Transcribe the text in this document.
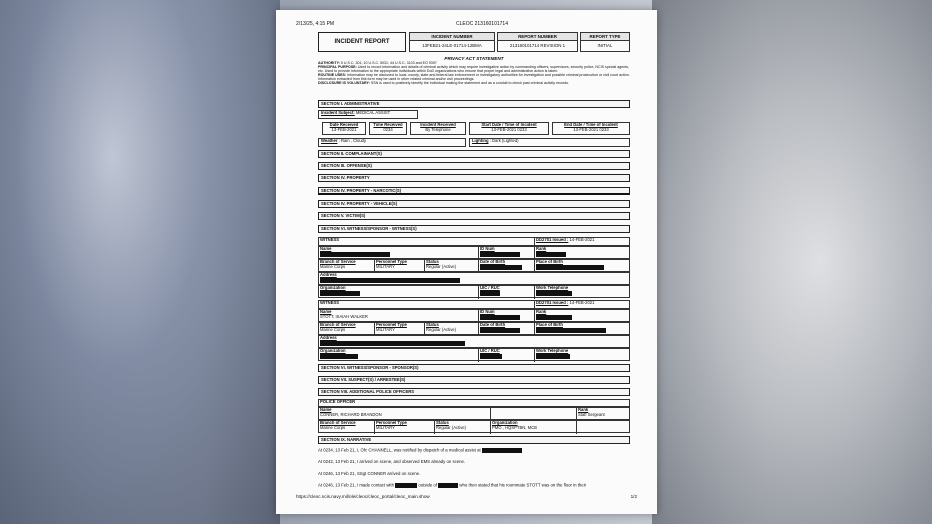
2/13/25, 4:15 PM	CLEOC 213160101714
INCIDENT REPORT
INCIDENT NUMBER
13FEB21-24LE-01714-12BMA
REPORT NUMBER
213160101714 REVISION 1
REPORT TYPE
INITIAL
PRIVACY ACT STATEMENT
AUTHORITY: 5 U.S.C. 301; 10 U.S.C. 5031; 44 U.S.C. 3103 and EO 9397
PRINCIPAL PURPOSE: Used to record information and details of criminal activity which may require investigative action by commanding officers, supervisors, security police, NCIS special agents, etc. Used to provide information to the appropriate individuals within DoD organizations who ensure that proper legal and administrative action is taken.
ROUTINE USES: Information may be disclosed to local, county, state and federal law enforcement or investigatory authorities for investigation and possible criminal prosecution or civil court action. Information extracted from this form may be used in other related criminal and/or civil proceedings.
DISCLOSURE IS VOLUNTARY: SSN is used to positively identify the individual making the statement and as a conduit to check past criminal activity records.
SECTION I. ADMINISTRATIVE
Incident Subject: MEDICAL ASSIST
Date Received
13-FEB-2021
Time Received
0234
Incident Received
By Telephone
Start Date / Time of Incident
13-FEB-2021 0233
End Date / Time of Incident
13-FEB-2021 0233
Weather : Rain , Cloudy	Lighting : Dark (Lighted)
SECTION II. COMPLAINANT(S)
SECTION III. OFFENSE(S)
SECTION IV. PROPERTY
SECTION IV. PROPERTY - NARCOTIC(S)
SECTION IV. PROPERTY - VEHICLE(S)
SECTION V. VICTIM(S)
SECTION VI. WITNESS/SPONSOR - WITNESS(S)
WITNESS	DD2701 Issued : 14-FEB-2021
Name	ID Num	Rank
Branch of Service
Marine Corps
Personnel Type
MILITARY
Status
Regular (Active)
Date of Birth	Place of Birth
Address
Organization	UIC / RUC	Work Telephone
WITNESS	DD2701 Issued : 14-FEB-2021
Name
STOTT, ISAIAH WALKER
ID Num	Rank
Branch of Service
Marine Corps
Personnel Type
MILITARY
Status
Regular (Active)
Date of Birth	Place of Birth
Address
Organization	UIC / RUC	Work Telephone
SECTION VI. WITNESS/SPONSOR - SPONSOR(S)
SECTION VII. SUSPECT(S) / ARRESTEE(S)
SECTION VIII. ADDITIONAL POLICE OFFICERS
POLICE OFFICER
Name
CONNER, RICHARD BRANDON
Rank
Staff Sergeant
Branch of Service
Marine Corps
Personnel Type
MILITARY
Status
Regular (Active)
Organization
PMO , HQSPTBN, MCB
SECTION IX. NARRATIVE
At 0234, 13 Feb 21, I, Ofc CHANNELL, was notified by dispatch of a medical assist at
At 0242, 13 Feb 21, I arrived on scene, and observed EMS already on scene.
At 0246, 13 Feb 21, SSgt CONNER arrived on scene.
At 0246, 13 Feb 21, I made contact with	outside of	who then stated that his roommate STOTT was on the floor in their
https://cleoc.ncis.navy.mil/ole/cleoc/cleoc_portal/cleoc_main.show	1/2
